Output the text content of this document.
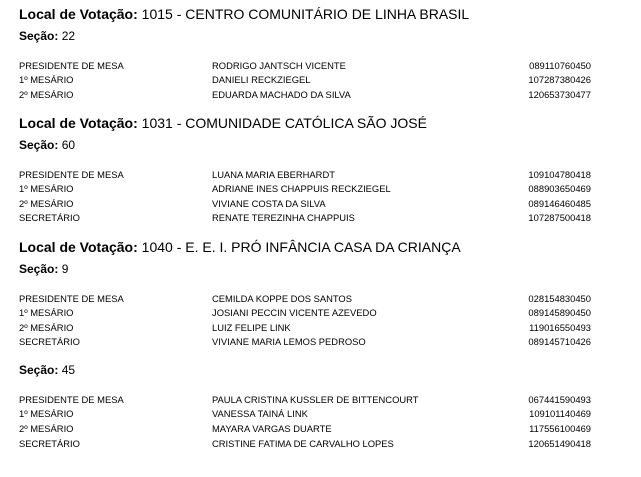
Local de Votação: 1015 - CENTRO COMUNITÁRIO DE LINHA BRASIL
Seção: 22
PRESIDENTE DE MESA	RODRIGO JANTSCH VICENTE	089110760450
1º MESÁRIO	DANIELI RECKZIEGEL	107287380426
2º MESÁRIO	EDUARDA MACHADO DA SILVA	120653730477
Local de Votação: 1031 - COMUNIDADE CATÓLICA SÃO JOSÉ
Seção: 60
PRESIDENTE DE MESA	LUANA MARIA EBERHARDT	109104780418
1º MESÁRIO	ADRIANE INES CHAPPUIS RECKZIEGEL	088903650469
2º MESÁRIO	VIVIANE COSTA DA SILVA	089146460485
SECRETÁRIO	RENATE TEREZINHA CHAPPUIS	107287500418
Local de Votação: 1040 - E. E. I. PRÓ INFÂNCIA CASA DA CRIANÇA
Seção: 9
PRESIDENTE DE MESA	CEMILDA KOPPE DOS SANTOS	028154830450
1º MESÁRIO	JOSIANI PECCIN VICENTE AZEVEDO	089145890450
2º MESÁRIO	LUIZ FELIPE LINK	119016550493
SECRETÁRIO	VIVIANE MARIA LEMOS PEDROSO	089145710426
Seção: 45
PRESIDENTE DE MESA	PAULA CRISTINA KUSSLER DE BITTENCOURT	067441590493
1º MESÁRIO	VANESSA TAINÁ LINK	109101140469
2º MESÁRIO	MAYARA VARGAS DUARTE	117556100469
SECRETÁRIO	CRISTINE FATIMA DE CARVALHO LOPES	120651490418
